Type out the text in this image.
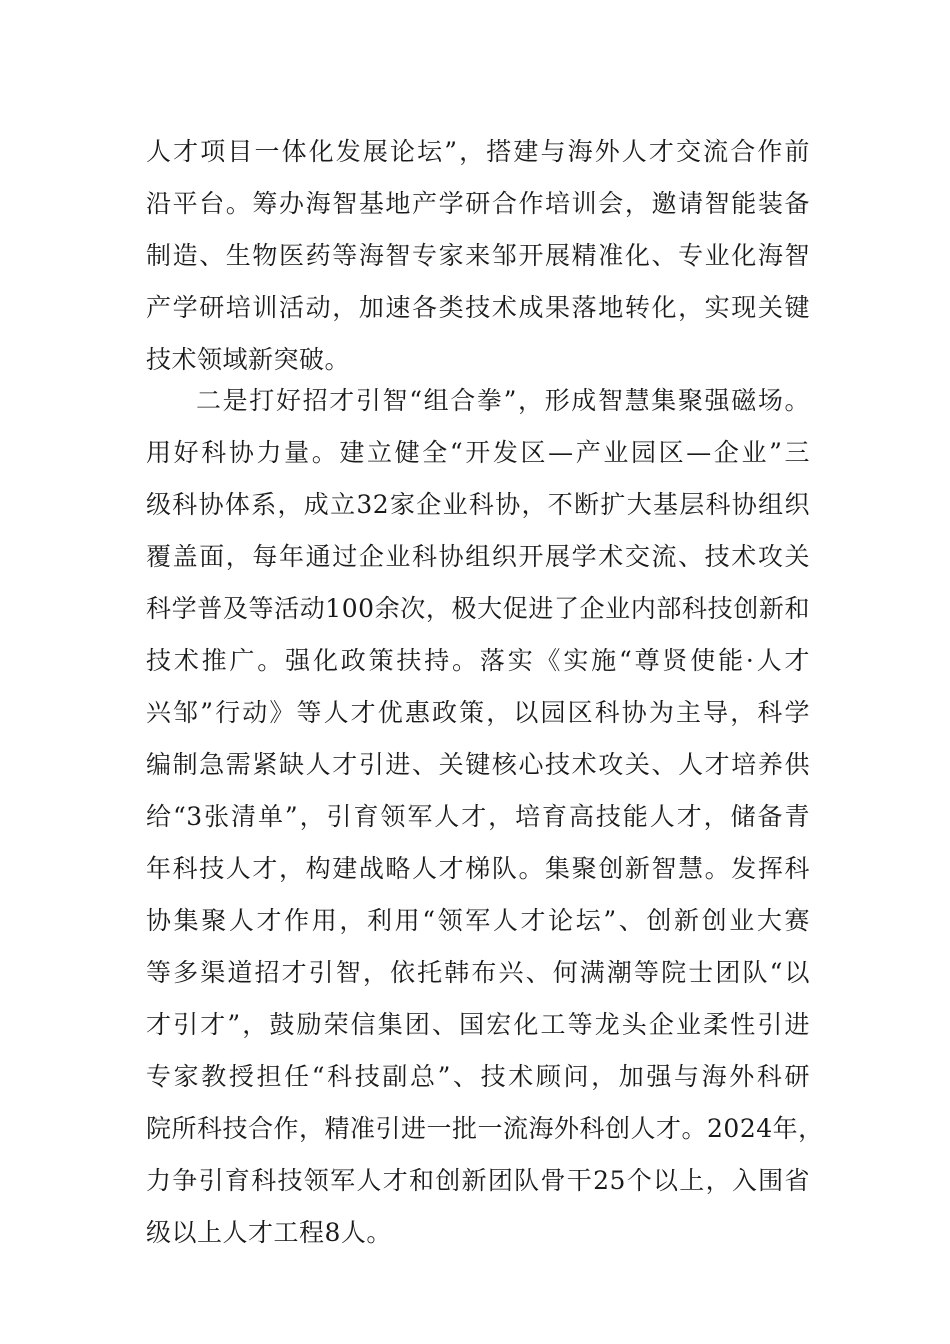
人才项目一体化发展论坛”，搭建与海外人才交流合作前
沿平台。筹办海智基地产学研合作培训会，邀请智能装备
制造、生物医药等海智专家来邹开展精准化、专业化海智
产学研培训活动，加速各类技术成果落地转化，实现关键
技术领域新突破。
二是打好招才引智“组合拳”，形成智慧集聚强磁场。
用好科协力量。建立健全“开发区—产业园区—企业”三
级科协体系，成立32家企业科协，不断扩大基层科协组织
覆盖面，每年通过企业科协组织开展学术交流、技术攻关
科学普及等活动100余次，极大促进了企业内部科技创新和
技术推广。强化政策扶持。落实《实施“尊贤使能·人才
兴邹”行动》等人才优惠政策，以园区科协为主导，科学
编制急需紧缺人才引进、关键核心技术攻关、人才培养供
给“3张清单”，引育领军人才，培育高技能人才，储备青
年科技人才，构建战略人才梯队。集聚创新智慧。发挥科
协集聚人才作用，利用“领军人才论坛”、创新创业大赛
等多渠道招才引智，依托韩布兴、何满潮等院士团队“以
才引才”，鼓励荣信集团、国宏化工等龙头企业柔性引进
专家教授担任“科技副总”、技术顾问，加强与海外科研
院所科技合作，精准引进一批一流海外科创人才。2024年，
力争引育科技领军人才和创新团队骨干25个以上，入围省
级以上人才工程8人。
